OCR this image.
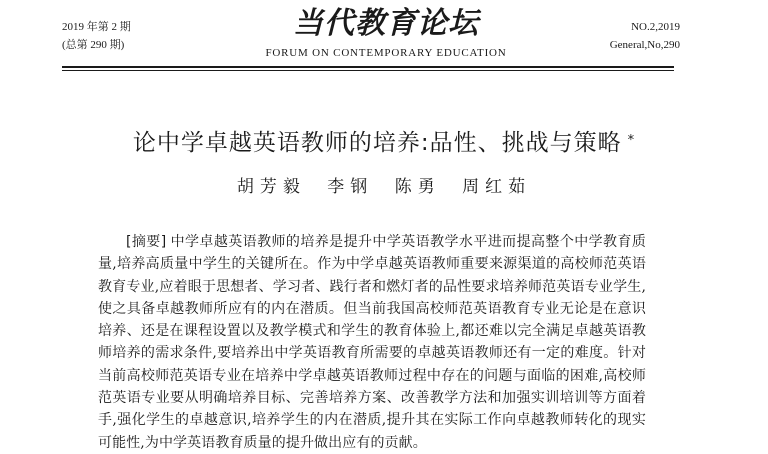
2019 年第 2 期
(总第 290 期)
当代教育论坛
FORUM ON CONTEMPORARY EDUCATION
NO.2,2019
General,No,290
论中学卓越英语教师的培养:品性、挑战与策略 *
胡芳毅 李钢 陈勇 周红茹
[摘要] 中学卓越英语教师的培养是提升中学英语教学水平进而提高整个中学教育质量,培养高质量中学生的关键所在。作为中学卓越英语教师重要来源渠道的高校师范英语教育专业,应着眼于思想者、学习者、践行者和燃灯者的品性要求培养师范英语专业学生,使之具备卓越教师所应有的内在潜质。但当前我国高校师范英语教育专业无论是在意识培养、还是在课程设置以及教学模式和学生的教育体验上,都还难以完全满足卓越英语教师培养的需求条件,要培养出中学英语教育所需要的卓越英语教师还有一定的难度。针对当前高校师范英语专业在培养中学卓越英语教师过程中存在的问题与面临的困难,高校师范英语专业要从明确培养目标、完善培养方案、改善教学方法和加强实训培训等方面着手,强化学生的卓越意识,培养学生的内在潜质,提升其在实际工作向卓越教师转化的现实可能性,为中学英语教育质量的提升做出应有的贡献。
